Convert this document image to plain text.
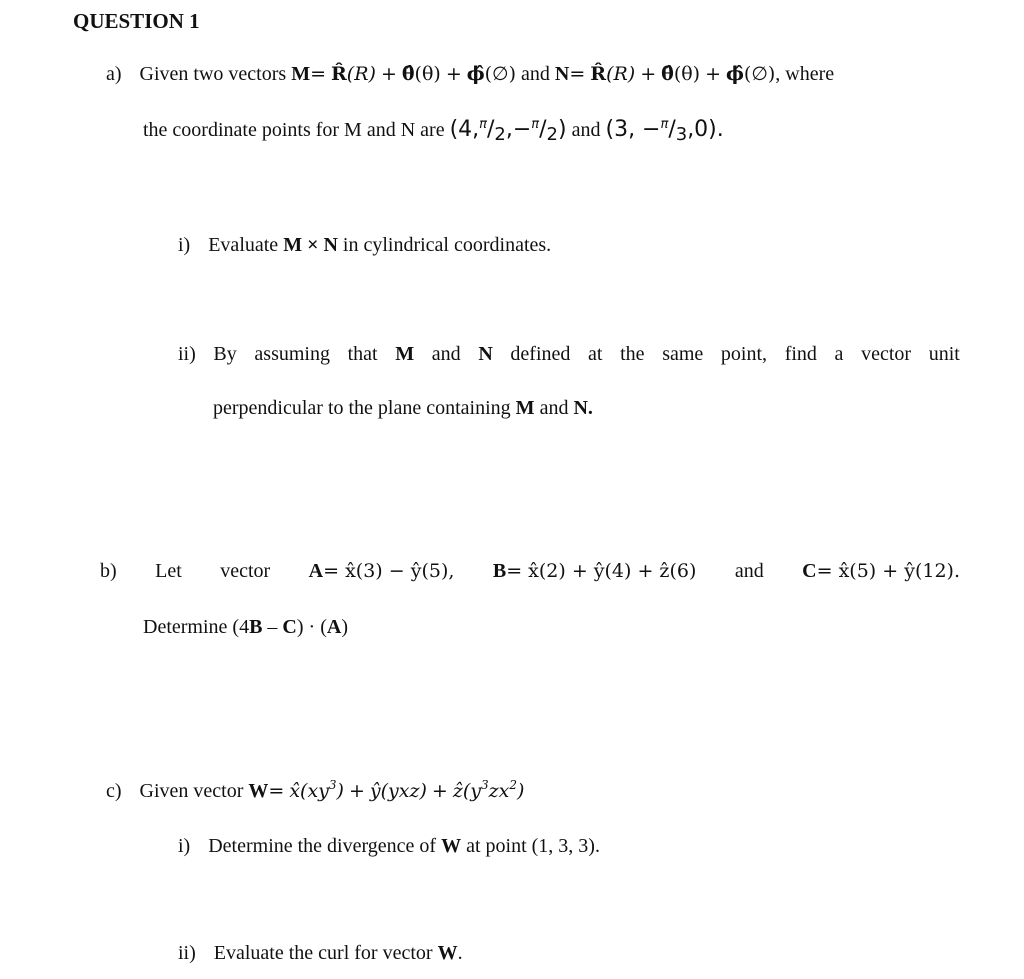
QUESTION 1
a) Given two vectors M= R̂(R) + θ̂(θ) + ϕ̂(∅) and N= R̂(R) + θ̂(θ) + ϕ̂(∅), where
the coordinate points for M and N are (4,$^\pi$/2,−$^\pi$/2) and (3, −$^\pi$/3,0).
i) Evaluate M × N in cylindrical coordinates.
ii) By assuming that M and N defined at the same point, find a vector unit
perpendicular to the plane containing M and N.
b) Let vector A= x̂(3) − ŷ(5), B= x̂(2) + ŷ(4) + ẑ(6) and C= x̂(5) + ŷ(12).
Determine (4B – C) · (A)
c) Given vector $W= x̂(xy^3)$ + ŷ(yxz) + $ẑ(y^3zx^2)$
i) Determine the divergence of W at point (1, 3, 3).
ii) Evaluate the curl for vector W.
